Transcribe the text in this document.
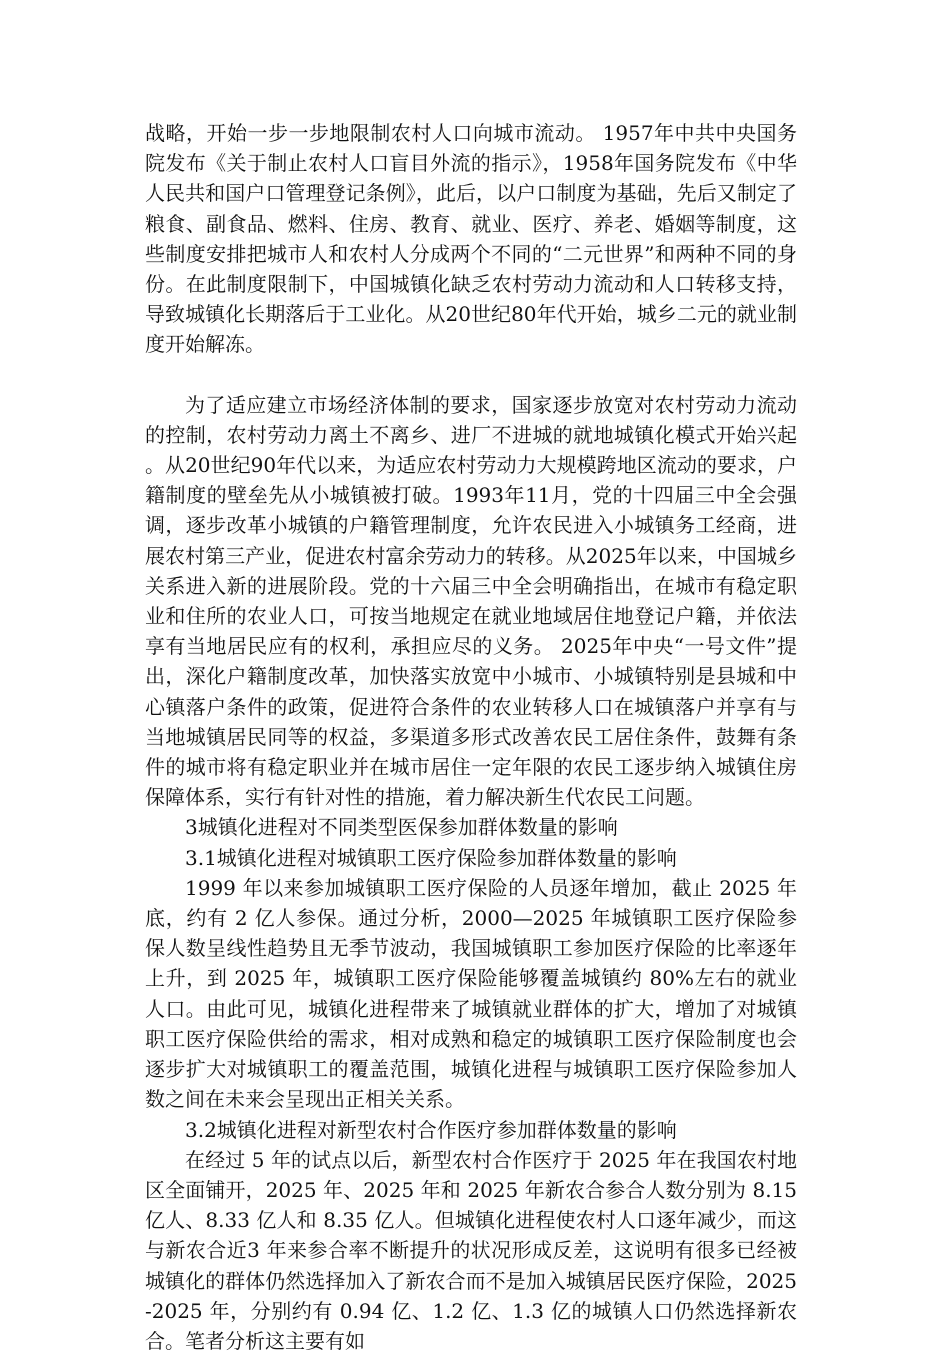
战略，开始一步一步地限制农村人口向城市流动。 1957年中共中央国务院发布《关于制止农村人口盲目外流的指示》，1958年国务院发布《中华人民共和国户口管理登记条例》，此后，以户口制度为基础，先后又制定了粮食、副食品、燃料、住房、教育、就业、医疗、养老、婚姻等制度，这些制度安排把城市人和农村人分成两个不同的“二元世界”和两种不同的身份。在此制度限制下，中国城镇化缺乏农村劳动力流动和人口转移支持，导致城镇化长期落后于工业化。从20世纪80年代开始，城乡二元的就业制度开始解冻。

为了适应建立市场经济体制的要求，国家逐步放宽对农村劳动力流动的控制，农村劳动力离土不离乡、进厂不进城的就地城镇化模式开始兴起。从20世纪90年代以来，为适应农村劳动力大规模跨地区流动的要求，户籍制度的壁垒先从小城镇被打破。1993年11月，党的十四届三中全会强调，逐步改革小城镇的户籍管理制度，允许农民进入小城镇务工经商，进展农村第三产业，促进农村富余劳动力的转移。从2025年以来，中国城乡关系进入新的进展阶段。党的十六届三中全会明确指出，在城市有稳定职业和住所的农业人口，可按当地规定在就业地域居住地登记户籍，并依法享有当地居民应有的权利，承担应尽的义务。 2025年中央“一号文件”提出，深化户籍制度改革，加快落实放宽中小城市、小城镇特别是县城和中心镇落户条件的政策，促进符合条件的农业转移人口在城镇落户并享有与当地城镇居民同等的权益，多渠道多形式改善农民工居住条件，鼓舞有条件的城市将有稳定职业并在城市居住一定年限的农民工逐步纳入城镇住房保障体系，实行有针对性的措施，着力解决新生代农民工问题。

3城镇化进程对不同类型医保参加群体数量的影响

3.1城镇化进程对城镇职工医疗保险参加群体数量的影响

1999 年以来参加城镇职工医疗保险的人员逐年增加，截止 2025 年底，约有 2 亿人参保。通过分析，2000—2025 年城镇职工医疗保险参保人数呈线性趋势且无季节波动，我国城镇职工参加医疗保险的比率逐年上升，到 2025 年，城镇职工医疗保险能够覆盖城镇约 80%左右的就业人口。由此可见，城镇化进程带来了城镇就业群体的扩大，增加了对城镇职工医疗保险供给的需求，相对成熟和稳定的城镇职工医疗保险制度也会逐步扩大对城镇职工的覆盖范围，城镇化进程与城镇职工医疗保险参加人数之间在未来会呈现出正相关关系。

3.2城镇化进程对新型农村合作医疗参加群体数量的影响

在经过 5 年的试点以后，新型农村合作医疗于 2025 年在我国农村地区全面铺开，2025 年、2025 年和 2025 年新农合参合人数分别为 8.15 亿人、8.33 亿人和 8.35 亿人。但城镇化进程使农村人口逐年减少，而这与新农合近3 年来参合率不断提升的状况形成反差，这说明有很多已经被城镇化的群体仍然选择加入了新农合而不是加入城镇居民医疗保险，2025-2025 年，分别约有 0.94 亿、1.2 亿、1.3 亿的城镇人口仍然选择新农合。笔者分析这主要有如
